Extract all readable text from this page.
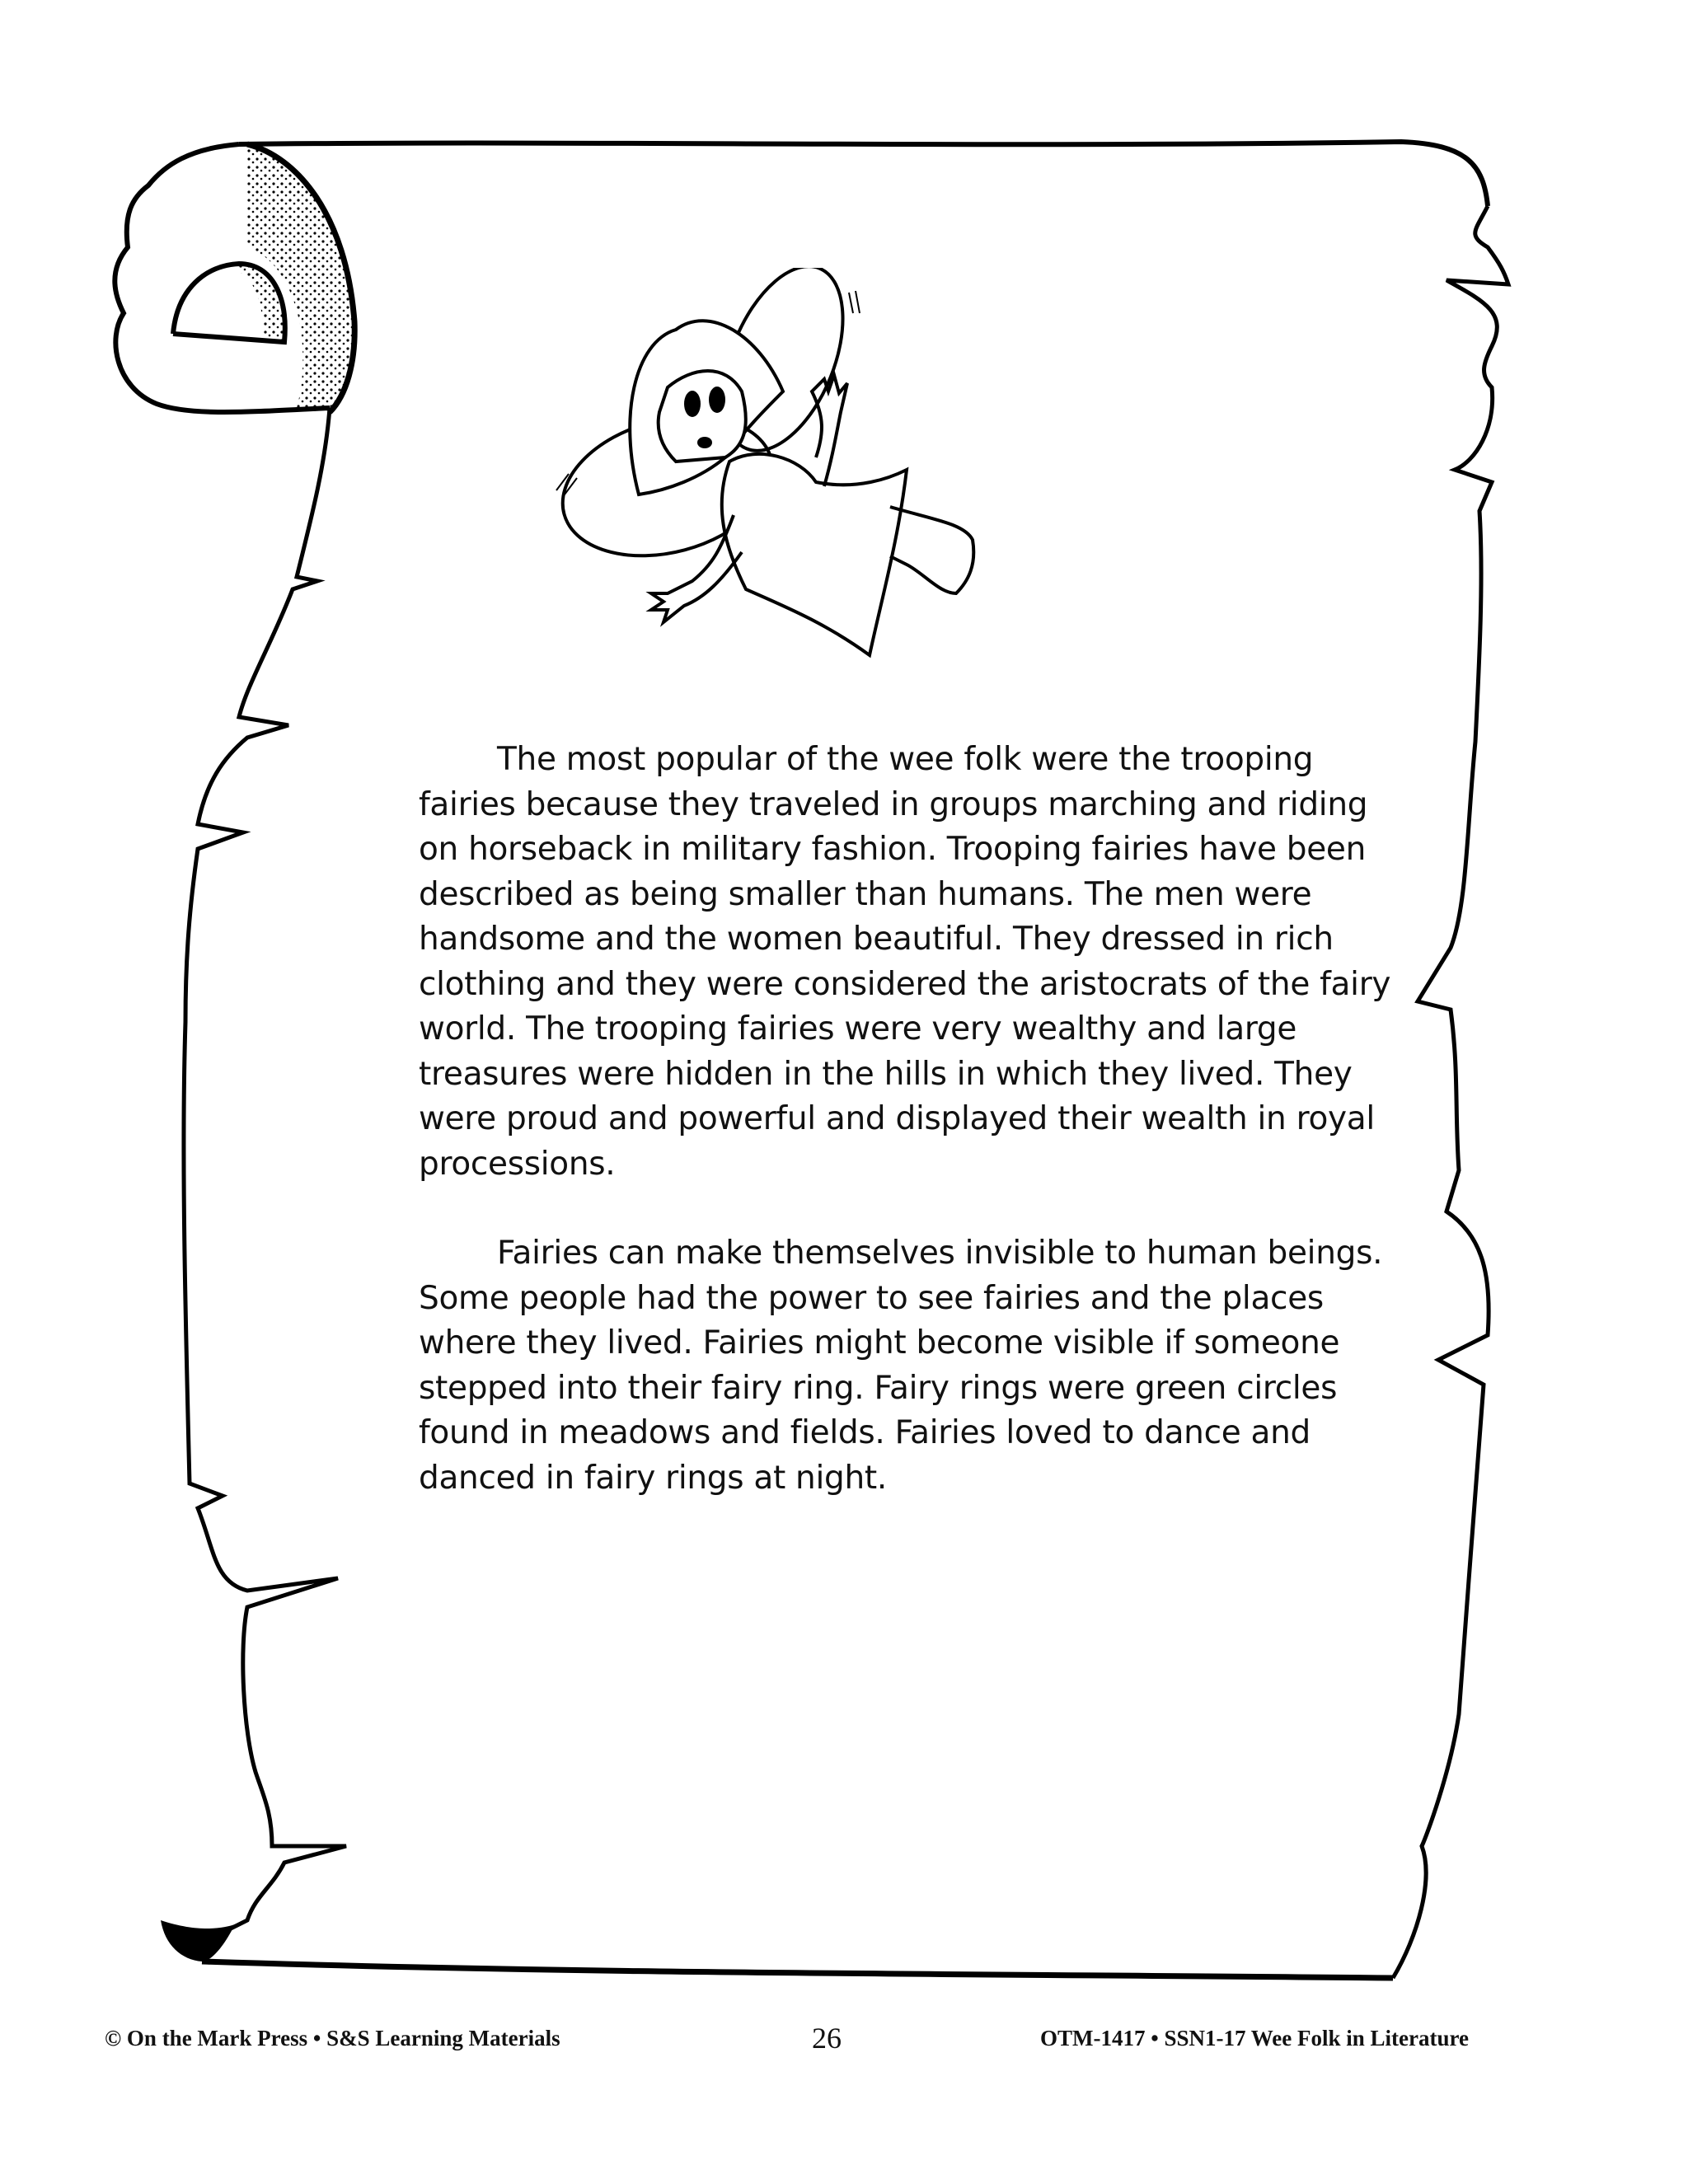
The most popular of the wee folk were the trooping fairies because they traveled in groups marching and riding on horseback in military fashion. Trooping fairies have been described as being smaller than humans. The men were handsome and the women beautiful. They dressed in rich clothing and they were considered the aristocrats of the fairy world. The trooping fairies were very wealthy and large treasures were hidden in the hills in which they lived. They were proud and powerful and displayed their wealth in royal processions.

Fairies can make themselves invisible to human beings. Some people had the power to see fairies and the places where they lived. Fairies might become visible if someone stepped into their fairy ring. Fairy rings were green circles found in meadows and fields. Fairies loved to dance and danced in fairy rings at night.

© On the Mark Press • S&S Learning Materials	26	OTM-1417 • SSN1-17 Wee Folk in Literature
